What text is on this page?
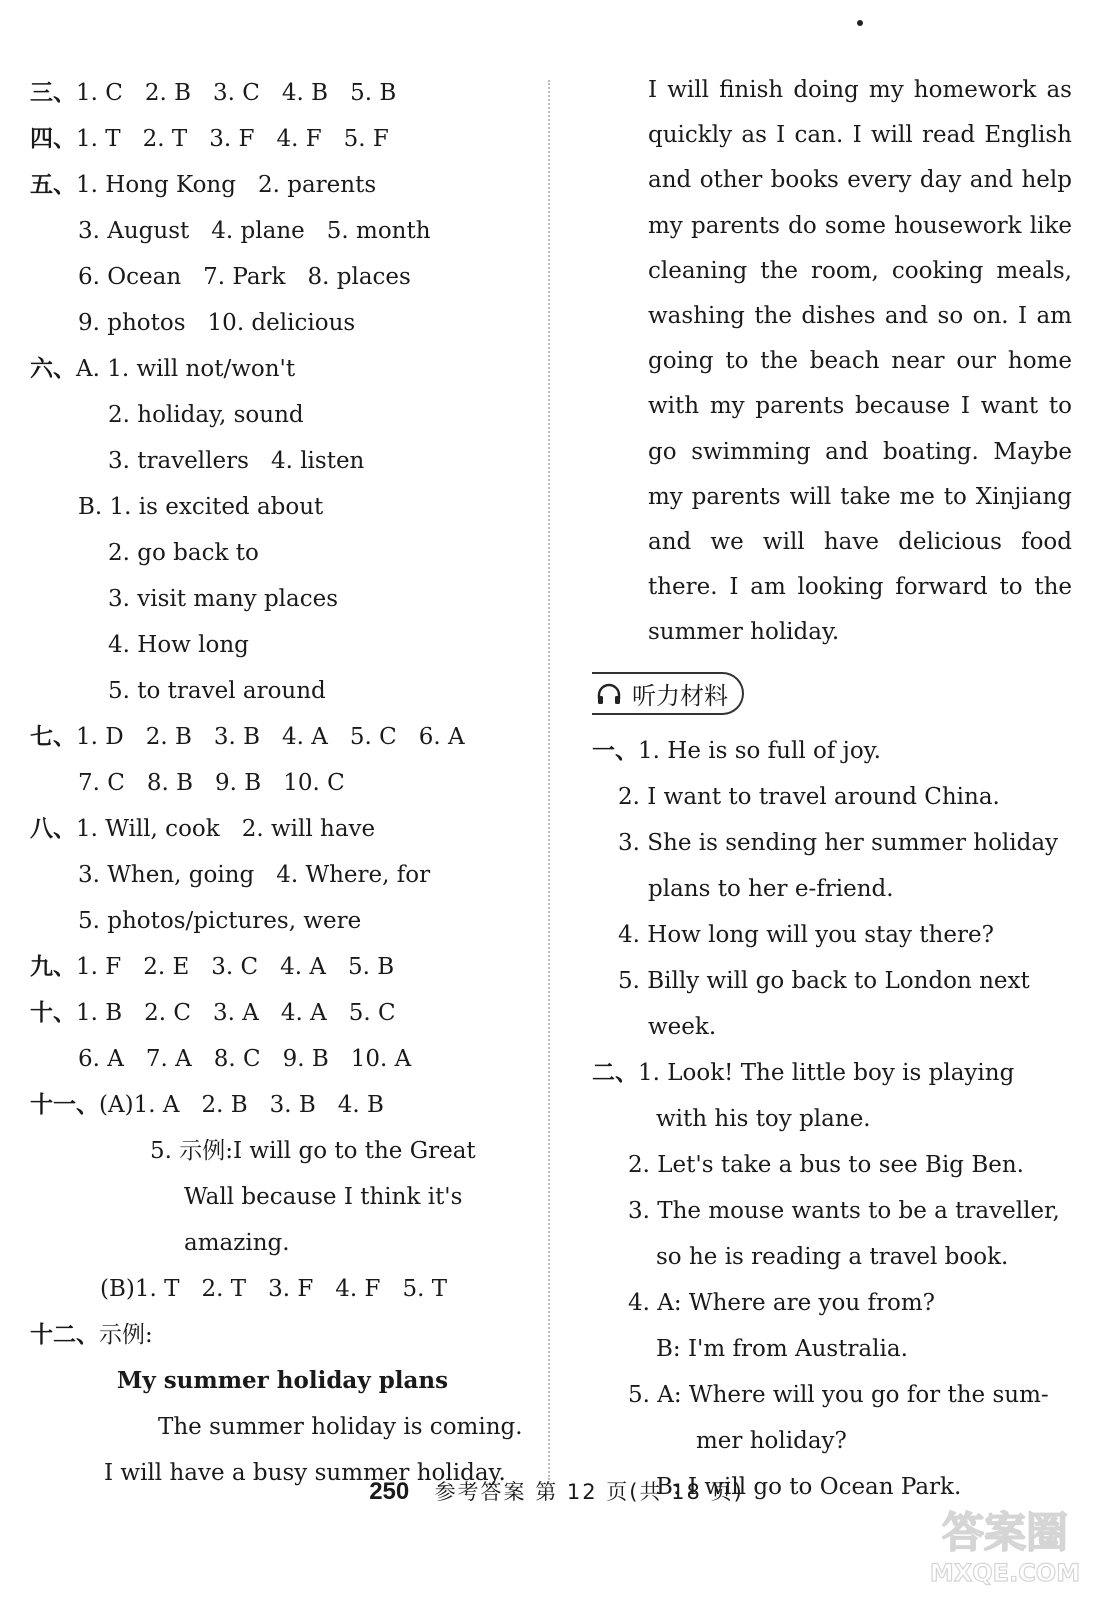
三、1. C 2. B 3. C 4. B 5. B
四、1. T 2. T 3. F 4. F 5. F
五、1. Hong Kong 2. parents
3. August 4. plane 5. month
6. Ocean 7. Park 8. places
9. photos 10. delicious
六、A. 1. will not/won't
2. holiday, sound
3. travellers 4. listen
B. 1. is excited about
2. go back to
3. visit many places
4. How long
5. to travel around
七、1. D 2. B 3. B 4. A 5. C 6. A
7. C 8. B 9. B 10. C
八、1. Will, cook 2. will have
3. When, going 4. Where, for
5. photos/pictures, were
九、1. F 2. E 3. C 4. A 5. B
十、1. B 2. C 3. A 4. A 5. C
6. A 7. A 8. C 9. B 10. A
十一、(A)1. A 2. B 3. B 4. B
5. 示例:I will go to the Great
Wall because I think it's
amazing.
(B)1. T 2. T 3. F 4. F 5. T
十二、示例:
My summer holiday plans
The summer holiday is coming.
I will have a busy summer holiday.

I will finish doing my homework as quickly as I can. I will read English and other books every day and help my parents do some housework like cleaning the room, cooking meals, washing the dishes and so on. I am going to the beach near our home with my parents because I want to go swimming and boating. Maybe my parents will take me to Xinjiang and we will have delicious food there. I am looking forward to the summer holiday.

听力材料
一、1. He is so full of joy.
2. I want to travel around China.
3. She is sending her summer holiday
plans to her e-friend.
4. How long will you stay there?
5. Billy will go back to London next
week.
二、1. Look! The little boy is playing
with his toy plane.
2. Let's take a bus to see Big Ben.
3. The mouse wants to be a traveller,
so he is reading a travel book.
4. A: Where are you from?
B: I'm from Australia.
5. A: Where will you go for the sum-
mer holiday?
B: I will go to Ocean Park.
250 参考答案 第 12 页(共 18 页)
答案圈
MXQE.COM
